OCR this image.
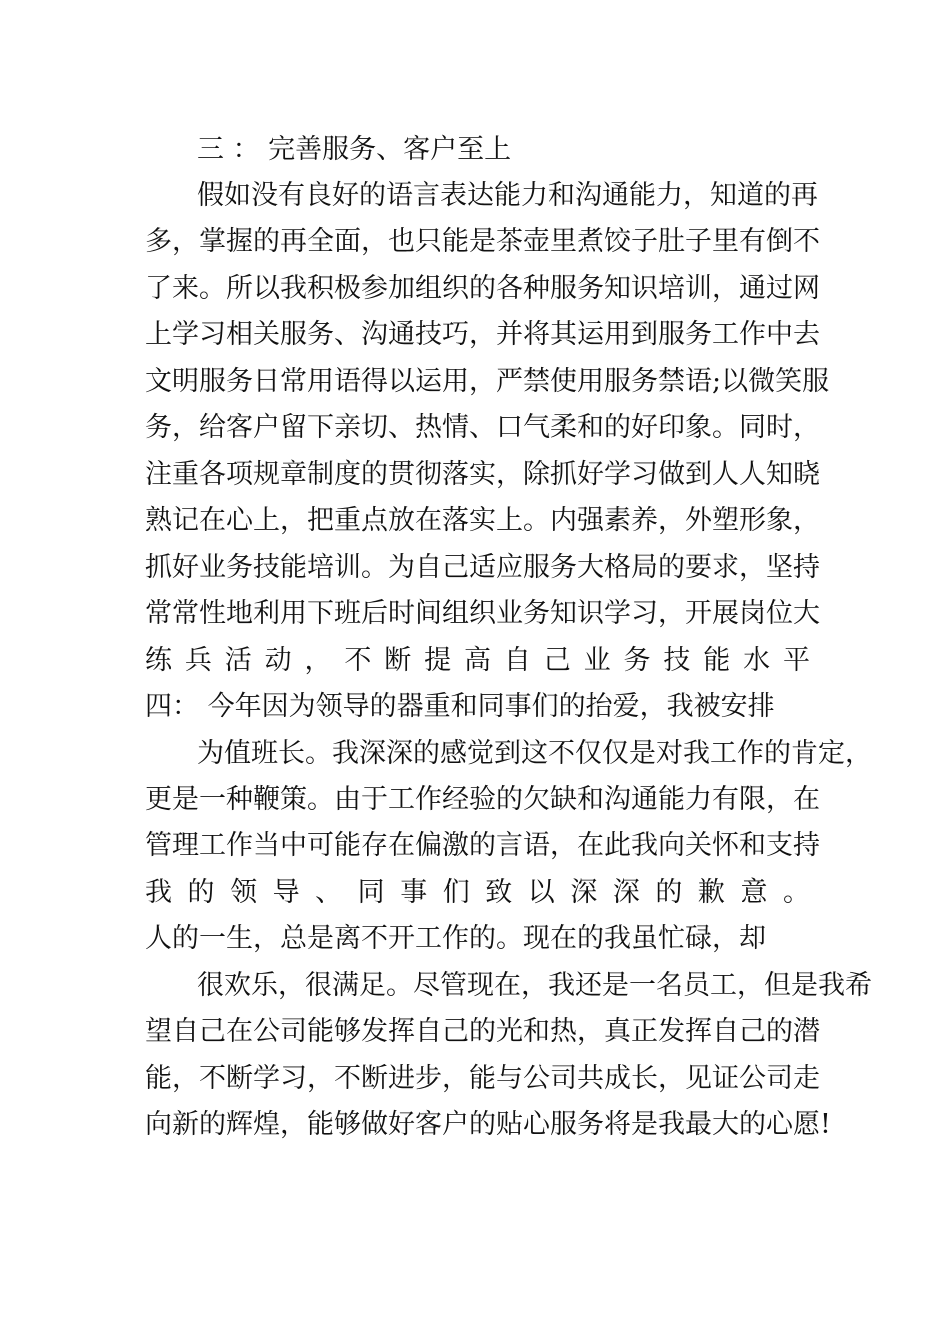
三 ： 完善服务、客户至上

假如没有良好的语言表达能力和沟通能力，知道的再

多，掌握的再全面，也只能是茶壶里煮饺子肚子里有倒不

了来。所以我积极参加组织的各种服务知识培训，通过网

上学习相关服务、沟通技巧，并将其运用到服务工作中去

文明服务日常用语得以运用，严禁使用服务禁语;以微笑服

务，给客户留下亲切、热情、口气柔和的好印象。同时，

注重各项规章制度的贯彻落实，除抓好学习做到人人知晓

熟记在心上，把重点放在落实上。内强素养，外塑形象，

抓好业务技能培训。为自己适应服务大格局的要求，坚持

常常性地利用下班后时间组织业务知识学习，开展岗位大

练兵活动，不断提高自己业务技能水平

四： 今年因为领导的器重和同事们的抬爱，我被安排

为值班长。我深深的感觉到这不仅仅是对我工作的肯定，

更是一种鞭策。由于工作经验的欠缺和沟通能力有限，在

管理工作当中可能存在偏激的言语，在此我向关怀和支持

我的领导、同事们致以深深的歉意。

人的一生，总是离不开工作的。现在的我虽忙碌，却

很欢乐，很满足。尽管现在，我还是一名员工，但是我希

望自己在公司能够发挥自己的光和热，真正发挥自己的潜

能，不断学习，不断进步，能与公司共成长，见证公司走

向新的辉煌，能够做好客户的贴心服务将是我最大的心愿!
